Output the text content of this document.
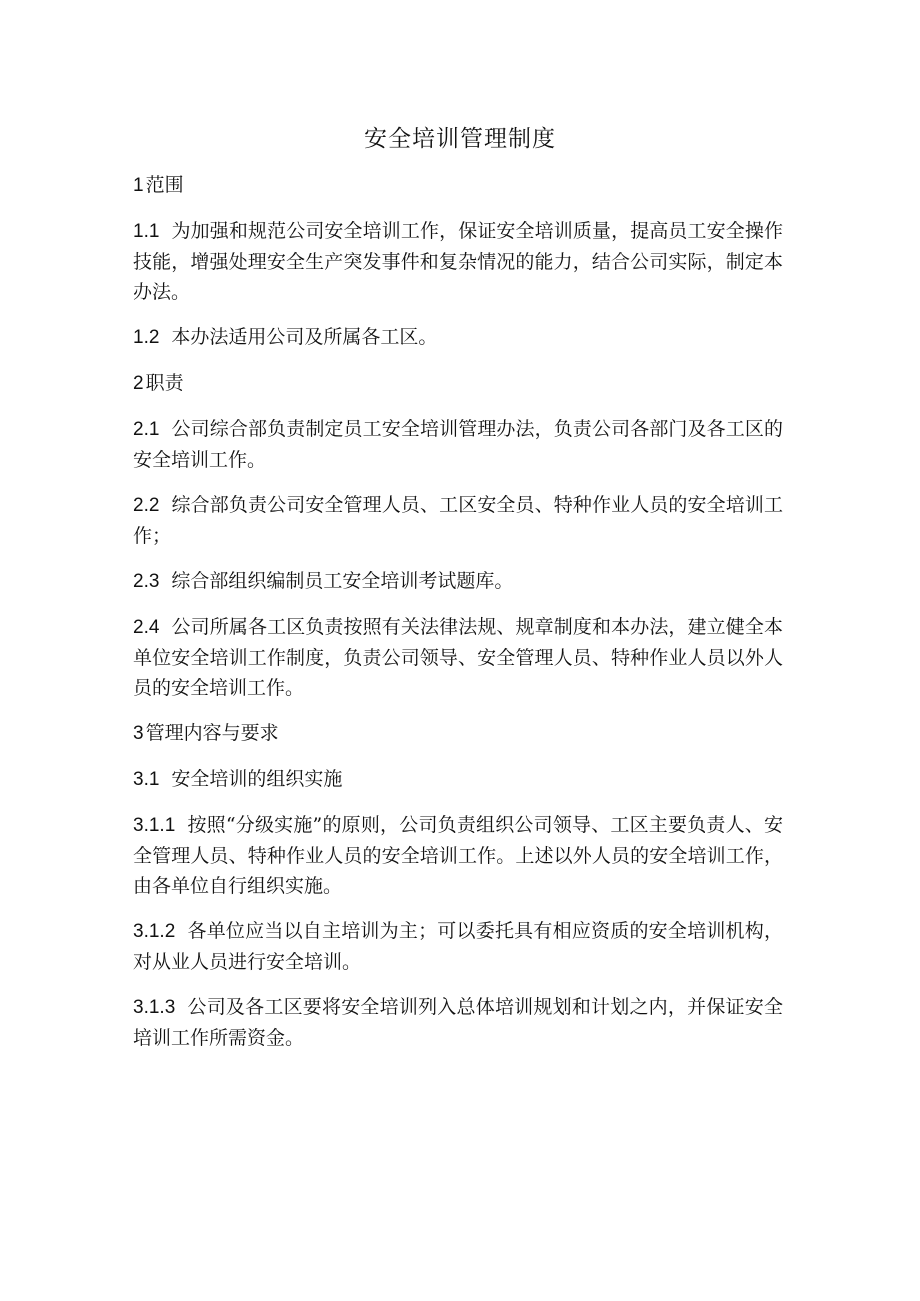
安全培训管理制度

1 范围

1.1 为加强和规范公司安全培训工作，保证安全培训质量，提高员工安全操作技能，增强处理安全生产突发事件和复杂情况的能力，结合公司实际，制定本办法。

1.2 本办法适用公司及所属各工区。

2 职责

2.1 公司综合部负责制定员工安全培训管理办法，负责公司各部门及各工区的安全培训工作。

2.2 综合部负责公司安全管理人员、工区安全员、特种作业人员的安全培训工作；

2.3 综合部组织编制员工安全培训考试题库。

2.4 公司所属各工区负责按照有关法律法规、规章制度和本办法，建立健全本单位安全培训工作制度，负责公司领导、安全管理人员、特种作业人员以外人员的安全培训工作。

3 管理内容与要求

3.1 安全培训的组织实施

3.1.1 按照“分级实施”的原则，公司负责组织公司领导、工区主要负责人、安全管理人员、特种作业人员的安全培训工作。上述以外人员的安全培训工作，由各单位自行组织实施。

3.1.2 各单位应当以自主培训为主；可以委托具有相应资质的安全培训机构，对从业人员进行安全培训。

3.1.3 公司及各工区要将安全培训列入总体培训规划和计划之内，并保证安全培训工作所需资金。
